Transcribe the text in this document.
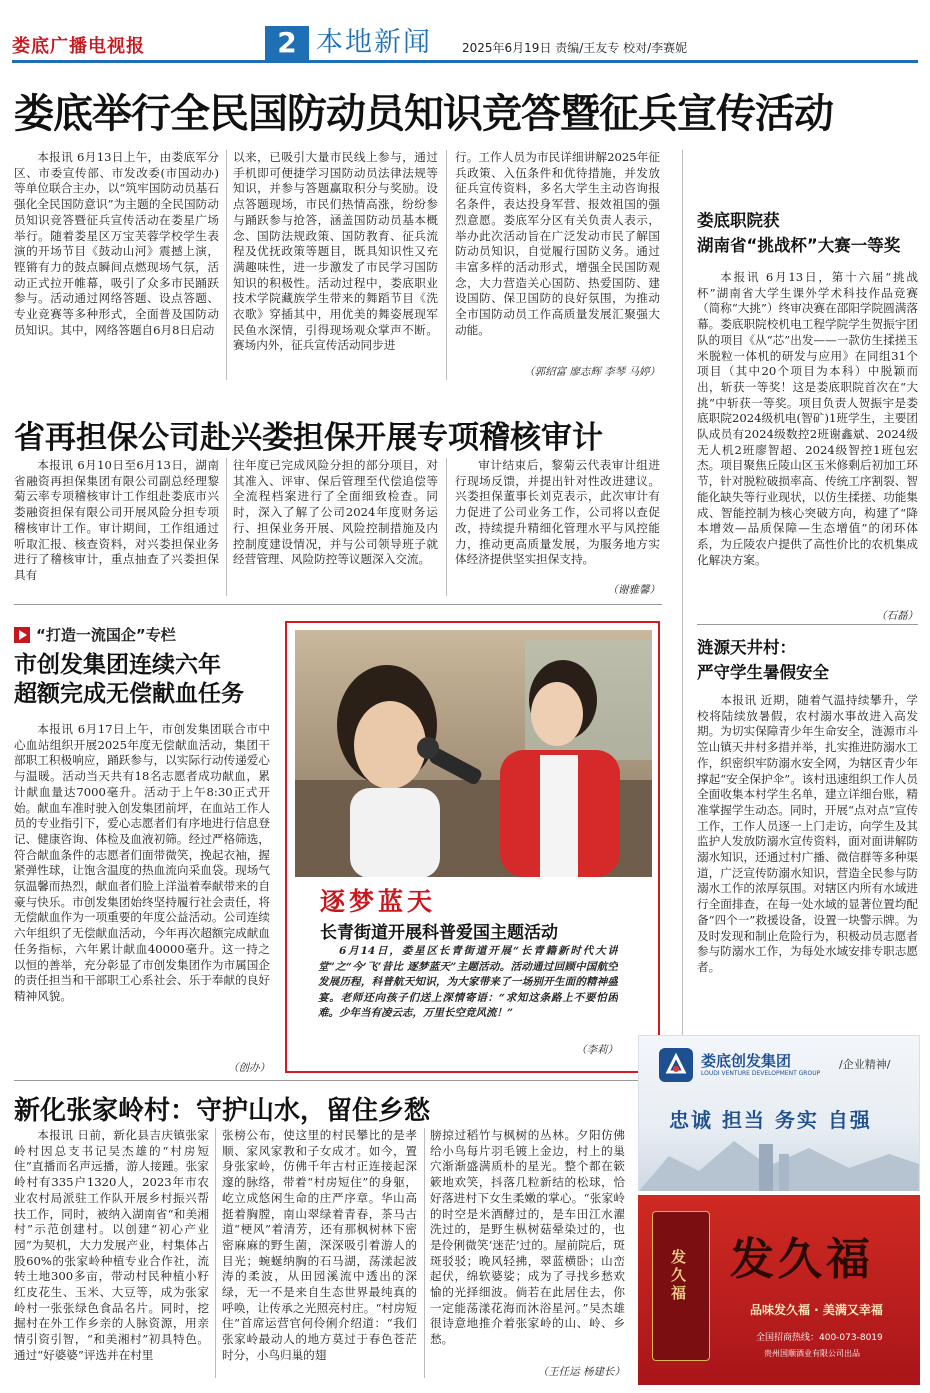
娄底广播电视报	2 本地新闻	2025年6月19日 责编/王友专 校对/李赛妮
娄底举行全民国防动员知识竞答暨征兵宣传活动

本报讯 6月13日上午，由娄底军分区、市委宣传部、市发改委(市国动办)等单位联合主办，以“筑牢国防动员基石 强化全民国防意识”为主题的全民国防动员知识竞答暨征兵宣传活动在娄星广场举行。随着娄星区万宝芙蓉学校学生表演的开场节目《鼓动山河》震撼上演，铿锵有力的鼓点瞬间点燃现场气氛，活动正式拉开帷幕，吸引了众多市民踊跃参与。活动通过网络答题、设点答题、专业竞赛等多种形式，全面普及国防动员知识。其中，网络答题自6月8日启动

以来，已吸引大量市民线上参与，通过手机即可便捷学习国防动员法律法规等知识，并参与答题赢取积分与奖励。设点答题现场，市民们热情高涨，纷纷参与踊跃参与抢答，涵盖国防动员基本概念、国防法规政策、国防教育、征兵流程及优抚政策等题目，既具知识性又充满趣味性，进一步激发了市民学习国防知识的积极性。活动过程中，娄底职业技术学院藏族学生带来的舞蹈节目《洗衣歌》穿插其中，用优美的舞姿展现军民鱼水深情，引得现场观众掌声不断。赛场内外，征兵宣传活动同步进

行。工作人员为市民详细讲解2025年征兵政策、入伍条件和优待措施，并发放征兵宣传资料，多名大学生主动咨询报名条件，表达投身军营、报效祖国的强烈意愿。娄底军分区有关负责人表示，举办此次活动旨在广泛发动市民了解国防动员知识，自觉履行国防义务。通过丰富多样的活动形式，增强全民国防观念，大力营造关心国防、热爱国防、建设国防、保卫国防的良好氛围，为推动全市国防动员工作高质量发展汇聚强大动能。

（郭绍富 廖志辉 李琴 马婷）
省再担保公司赴兴娄担保开展专项稽核审计

本报讯 6月10日至6月13日，湖南省融资再担保集团有限公司副总经理黎菊云率专项稽核审计工作组赴娄底市兴娄融资担保有限公司开展风险分担专项稽核审计工作。审计期间，工作组通过听取汇报、核查资料，对兴娄担保业务进行了稽核审计，重点抽查了兴娄担保具有

往年度已完成风险分担的部分项目，对其准入、评审、保后管理至代偿追偿等全流程档案进行了全面细致检查。同时，深入了解了公司2024年度财务运行、担保业务开展、风险控制措施及内控制度建设情况，并与公司领导班子就经营管理、风险防控等议题深入交流。

审计结束后，黎菊云代表审计组进行现场反馈，并提出针对性改进建议。兴娄担保董事长刘克表示，此次审计有力促进了公司业务工作，公司将以查促改，持续提升精细化管理水平与风控能力，推动更高质量发展，为服务地方实体经济提供坚实担保支持。

（谢雅馨）
“打造一流国企”专栏
市创发集团连续六年
超额完成无偿献血任务

本报讯 6月17日上午，市创发集团联合市中心血站组织开展2025年度无偿献血活动，集团干部职工积极响应，踊跃参与，以实际行动传递爱心与温暖。活动当天共有18名志愿者成功献血，累计献血量达7000毫升。活动于上午8:30正式开始。献血车准时驶入创发集团前坪，在血站工作人员的专业指引下，爱心志愿者们有序地进行信息登记、健康咨询、体检及血液初筛。经过严格筛选，符合献血条件的志愿者们面带微笑，挽起衣袖，握紧弹性球，让饱含温度的热血流向采血袋。现场气氛温馨而热烈，献血者们脸上洋溢着奉献带来的自豪与快乐。市创发集团始终坚持履行社会责任，将无偿献血作为一项重要的年度公益活动。公司连续六年组织了无偿献血活动，今年再次超额完成献血任务指标，六年累计献血40000毫升。这一持之以恒的善举，充分彰显了市创发集团作为市属国企的责任担当和干部职工心系社会、乐于奉献的良好精神风貌。

（创办）
逐梦蓝天
长青街道开展科普爱国主题活动

6月14日，娄星区长青街道开展“长青籍新时代大讲堂”之“今‘飞’昔比 逐梦蓝天”主题活动。活动通过回顾中国航空发展历程，科普航天知识，为大家带来了一场别开生面的精神盛宴。老师还向孩子们送上深情寄语：“求知这条路上不要怕困难。少年当有凌云志，万里长空竞风流！”

（李莉）
娄底职院获
湖南省“挑战杯”大赛一等奖

本报讯 6月13日，第十六届“挑战杯”湖南省大学生课外学术科技作品竞赛（简称“大挑”）终审决赛在邵阳学院圆满落幕。娄底职院校机电工程学院学生贺振宇团队的项目《从“芯”出发——一款仿生揉搓玉米脱粒一体机的研发与应用》在同组31个项目（其中20个项目为本科）中脱颖而出，斩获一等奖！这是娄底职院首次在“大挑”中斩获一等奖。项目负责人贺振宇是娄底职院2024级机电(智矿)1班学生，主要团队成员有2024级数控2班谢鑫斌、2024级无人机2班廖智超、2024级智控1班包宏杰。项目聚焦丘陵山区玉米修剩后初加工环节，针对脱粒破损率高、传统工序割裂、智能化缺失等行业现状，以仿生揉搓、功能集成、智能控制为核心突破方向，构建了“降本增效—品质保障—生态增值”的闭环体系，为丘陵农户提供了高性价比的农机集成化解决方案。

（石磊）
涟源天井村：
严守学生暑假安全

本报讯 近期，随着气温持续攀升，学校将陆续放暑假，农村溺水事故进入高发期。为切实保障青少年生命安全，涟源市斗笠山镇天井村多措并举，扎实推进防溺水工作，织密织牢防溺水安全网，为辖区青少年撑起“安全保护伞”。该村迅速组织工作人员全面收集本村学生名单，建立详细台账，精准掌握学生动态。同时，开展“点对点”宣传工作，工作人员逐一上门走访，向学生及其监护人发放防溺水宣传资料，面对面讲解防溺水知识，还通过村广播、微信群等多种渠道，广泛宣传防溺水知识，营造全民参与防溺水工作的浓厚氛围。对辖区内所有水域进行全面排查，在每一处水域的显著位置均配备“四个一”救援设备，设置一块警示牌。为及时发现和制止危险行为，积极动员志愿者参与防溺水工作，为每处水域安排专职志愿者。

新化张家岭村：守护山水，留住乡愁

本报讯 日前，新化县吉庆镇张家岭村因总支书记吴杰雄的“村房短住”直播而名声远播，游人接踵。张家岭村有335户1320人，2023年市农业农村局派驻工作队开展乡村振兴帮扶工作，同时，被纳入湖南省“和美湘村”示范创建村。以创建“初心产业园”为契机，大力发展产业，村集体占股60%的张家岭种植专业合作社，流转土地300多亩，带动村民种植小籽红皮花生、玉米、大豆等，成为张家岭村一张张绿色食品名片。同时，挖掘村在外工作乡亲的人脉资源，用亲情引资引智，“和美湘村”初具特色。通过“好婆婆”评选并在村里

张榜公布，使这里的村民攀比的是孝顺、家风家教和子女成才。如今，置身张家岭，仿佛千年古村正连接起深邃的脉络，带着“村房短住”的身躯，屹立成悠闲生命的庄严序章。华山高挺着胸膛，南山翠绿着青春，茶马古道“梗风”着清芳，还有那枫树林下密密麻麻的野生菌，深深吸引着游人的目光；蜿蜒纳胸的石马湖，荡漾起波涛的柔波，从田园溪流中透出的深绿，无一不是来自生态世界最纯真的呼唤，让传承之光照亮村庄。“村房短住”首席运营官何伶俐介绍道：“我们张家岭最动人的地方莫过于春色苍茫时分，小鸟归巢的翅

膀掠过稻竹与枫树的丛林。夕阳仿佛给小鸟每片羽毛镀上金边，村上的巢穴渐渐盛满质朴的星光。整个都在簌簌地欢笑，抖落几粒新结的松球，恰好落进村下女生柔嫩的掌心。“张家岭的时空是米酒酵过的，是车田江水濯洗过的，是野生枞树菇晕染过的，也是伶俐微笑‘迷茫’过的。屋前院后，斑斑驳驳；晚风轻拂，翠蓝横卧；山峦起伏，绵软婆娑；成为了寻找乡愁欢愉的光择细波。倘若在此居住去，你一定能荡漾花海而沐浴星河。”吴杰雄很诗意地推介着张家岭的山、岭、乡愁。

（王任运 杨建长）
娄底创发集团
LOUDI VENTURE DEVELOPMENT GROUP
/企业精神/
忠诚 担当 务实 自强
发久福
发久福
品味发久福 · 美满又幸福
全国招商热线：400-073-8019
贵州国顺酒业有限公司出品
